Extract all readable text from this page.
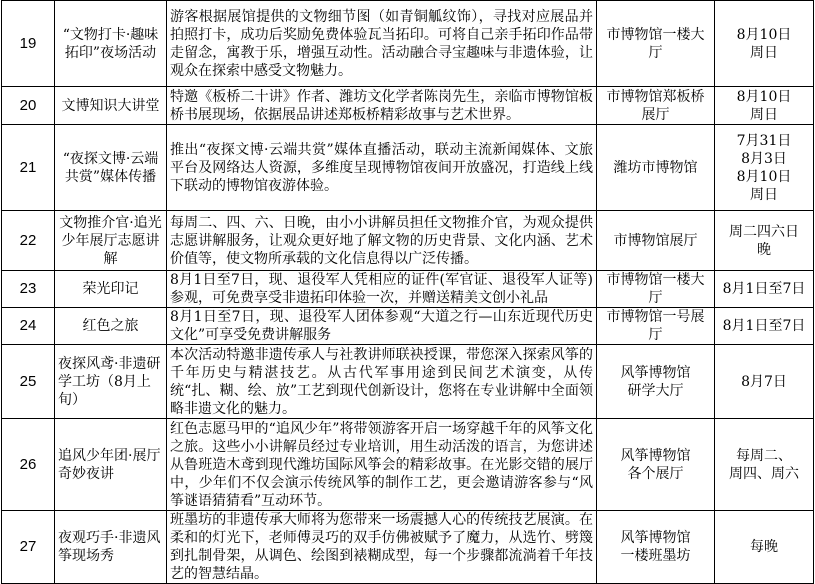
19	“文物打卡·趣味拓印”夜场活动	游客根据展馆提供的文物细节图（如青铜觚纹饰），寻找对应展品并拍照打卡，成功后奖励免费体验瓦当拓印。可将自己亲手拓印作品带走留念，寓教于乐，增强互动性。活动融合寻宝趣味与非遗体验，让观众在探索中感受文物魅力。	市博物馆一楼大厅	8月10日
周日
20	文博知识大讲堂	特邀《板桥二十讲》作者、潍坊文化学者陈岗先生，亲临市博物馆板桥书展现场，依据展品讲述郑板桥精彩故事与艺术世界。	市博物馆郑板桥展厅	8月10日
周日
21	“夜探文博·云端共赏”媒体传播	推出“夜探文博·云端共赏”媒体直播活动，联动主流新闻媒体、文旅平台及网络达人资源，多维度呈现博物馆夜间开放盛况，打造线上线下联动的博物馆夜游体验。	潍坊市博物馆	7月31日
8月3日
8月10日
周日
22	文物推介官·追光少年展厅志愿讲解	每周二、四、六、日晚，由小小讲解员担任文物推介官，为观众提供志愿讲解服务，让观众更好地了解文物的历史背景、文化内涵、艺术价值等，使文物所承载的文化信息得以广泛传播。	市博物馆展厅	周二四六日
晚
23	荣光印记	8月1日至7日，现、退役军人凭相应的证件(军官证、退役军人证等)参观，可免费享受非遗拓印体验一次，并赠送精美文创小礼品	市博物馆一楼大厅	8月1日至7日
24	红色之旅	8月1日至7日，现、退役军人团体参观“大道之行—山东近现代历史文化”可享受免费讲解服务	市博物馆一号展厅	8月1日至7日
25	夜探风鸢·非遗研学工坊（8月上旬）	本次活动特邀非遗传承人与社教讲师联袂授课，带您深入探索风筝的千年历史与精湛技艺。从古代军事用途到民间艺术演变，从传统“扎、糊、绘、放”工艺到现代创新设计，您将在专业讲解中全面领略非遗文化的魅力。	风筝博物馆
研学大厅	8月7日
26	追风少年团·展厅奇妙夜讲	红色志愿马甲的“追风少年”将带领游客开启一场穿越千年的风筝文化之旅。这些小小讲解员经过专业培训，用生动活泼的语言，为您讲述从鲁班造木鸢到现代潍坊国际风筝会的精彩故事。在光影交错的展厅中，少年们不仅会演示传统风筝的制作工艺，更会邀请游客参与“风筝谜语猜猜看”互动环节。	风筝博物馆
各个展厅	每周二、
周四、周六
27	夜观巧手·非遗风筝现场秀	班墨坊的非遗传承大师将为您带来一场震撼人心的传统技艺展演。在柔和的灯光下，老师傅灵巧的双手仿佛被赋予了魔力，从选竹、劈篾到扎制骨架，从调色、绘图到裱糊成型，每一个步骤都流淌着千年技艺的智慧结晶。	风筝博物馆
一楼班墨坊	每晚
